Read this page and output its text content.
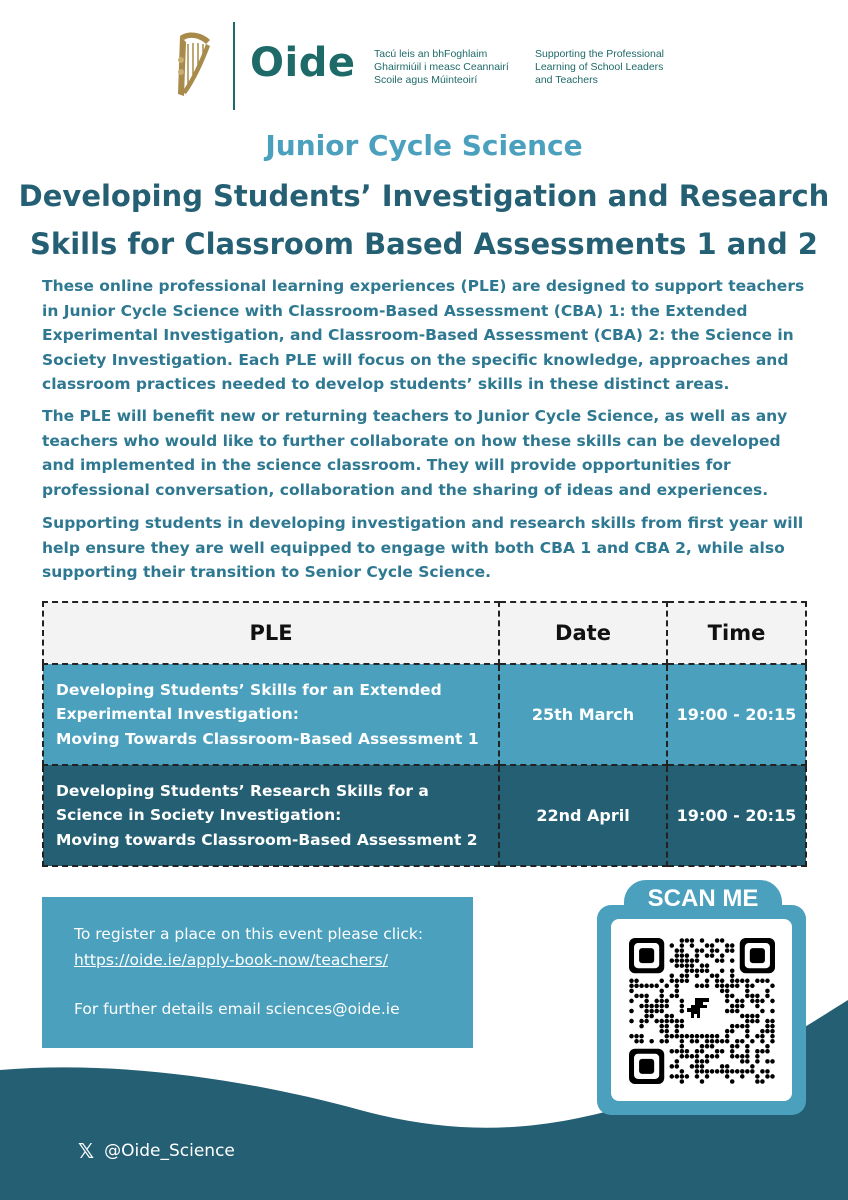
Oide Tacú leis an bhFoghlaim
Ghairmiúil i measc Ceannairí
Scoile agus Múinteoirí
Supporting the Professional
Learning of School Leaders
and Teachers
Junior Cycle Science
Developing Students’ Investigation and Research
Skills for Classroom Based Assessments 1 and 2
These online professional learning experiences (PLE) are designed to support teachers in Junior Cycle Science with Classroom-Based Assessment (CBA) 1: the Extended Experimental Investigation, and Classroom-Based Assessment (CBA) 2: the Science in Society Investigation. Each PLE will focus on the specific knowledge, approaches and classroom practices needed to develop students’ skills in these distinct areas.
The PLE will benefit new or returning teachers to Junior Cycle Science, as well as any teachers who would like to further collaborate on how these skills can be developed and implemented in the science classroom. They will provide opportunities for professional conversation, collaboration and the sharing of ideas and experiences.
Supporting students in developing investigation and research skills from first year will help ensure they are well equipped to engage with both CBA 1 and CBA 2, while also supporting their transition to Senior Cycle Science.
PLE	Date	Time

Developing Students’ Skills for an Extended
Experimental Investigation:
Moving Towards Classroom-Based Assessment 1	25th March	19:00 - 20:15

Developing Students’ Research Skills for a
Science in Society Investigation:
Moving towards Classroom-Based Assessment 2	22nd April	19:00 - 20:15
To register a place on this event please click:
https://oide.ie/apply-book-now/teachers/
For further details email sciences@oide.ie
SCAN ME
𝕏 @Oide_Science
